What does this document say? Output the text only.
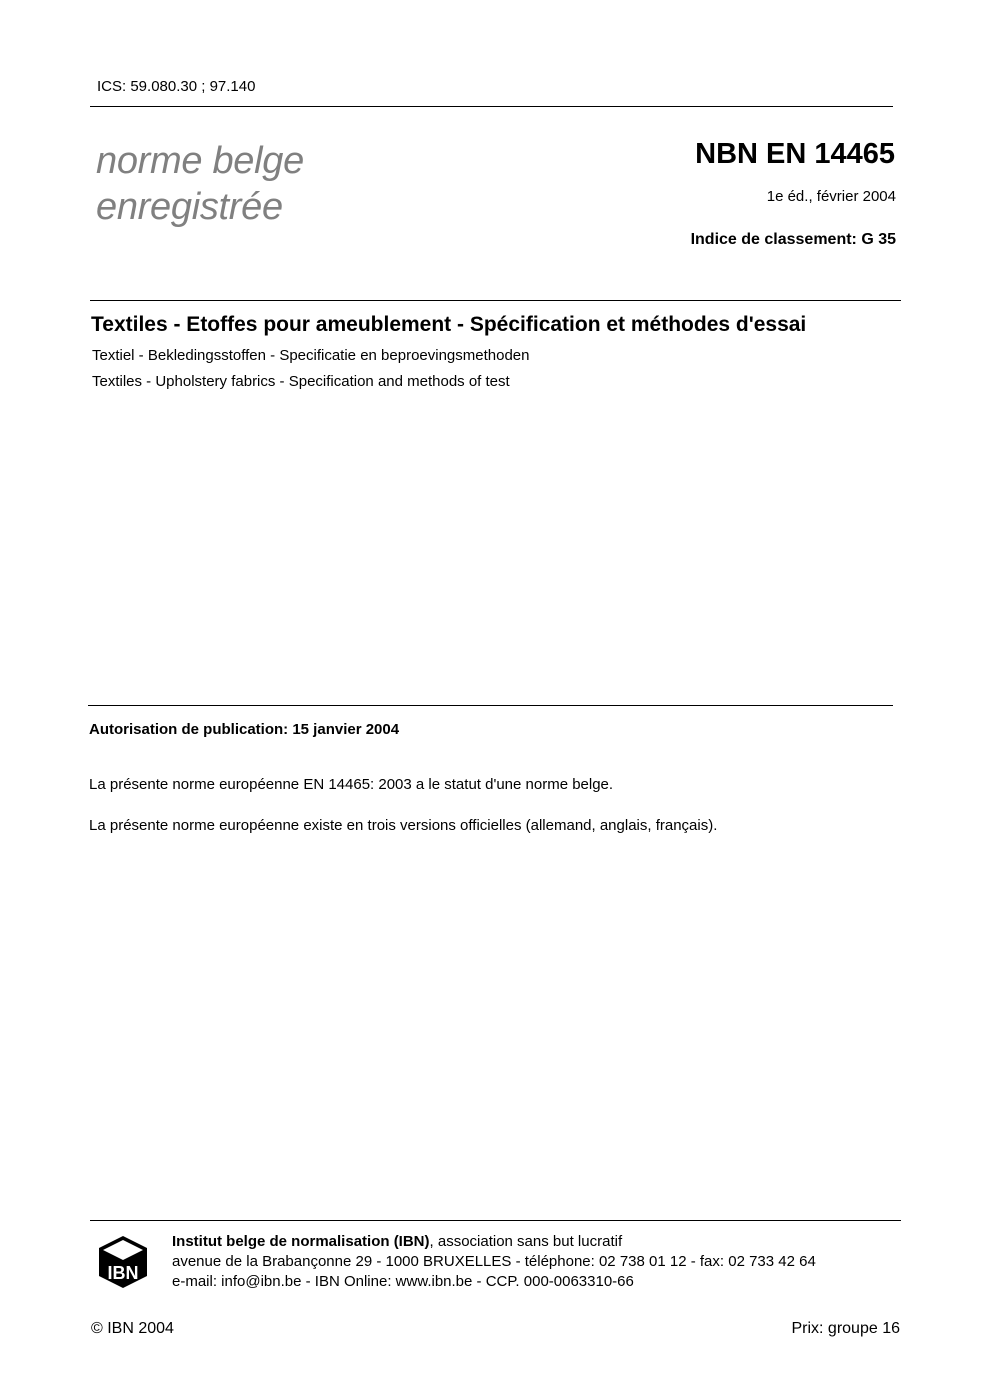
ICS: 59.080.30 ; 97.140
norme belge
enregistrée
NBN EN 14465
1e éd., février 2004
Indice de classement: G 35
Textiles - Etoffes pour ameublement - Spécification et méthodes d'essai
Textiel - Bekledingsstoffen - Specificatie en beproevingsmethoden
Textiles - Upholstery fabrics - Specification and methods of test
Autorisation de publication: 15 janvier 2004
La présente norme européenne EN 14465: 2003 a le statut d'une norme belge.
La présente norme européenne existe en trois versions officielles (allemand, anglais, français).
IBN
Institut belge de normalisation (IBN), association sans but lucratif
avenue de la Brabançonne 29 - 1000 BRUXELLES - téléphone: 02 738 01 12 - fax: 02 733 42 64
e-mail: info@ibn.be - IBN Online: www.ibn.be - CCP. 000-0063310-66
© IBN 2004	Prix: groupe 16
